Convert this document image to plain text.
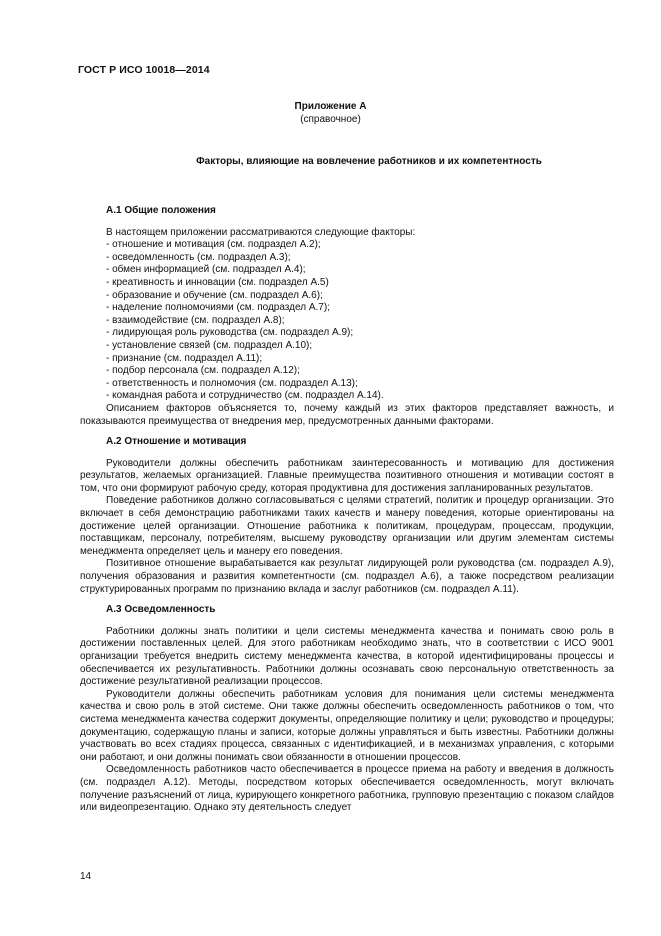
ГОСТ Р ИСО 10018—2014
Приложение А
(справочное)
Факторы, влияющие на вовлечение работников и их компетентность
А.1 Общие положения
В настоящем приложении рассматриваются следующие факторы:
- отношение и мотивация (см. подраздел А.2);
- осведомленность (см. подраздел А.3);
- обмен информацией (см. подраздел А.4);
- креативность и инновации (см. подраздел А.5)
- образование и обучение (см. подраздел А.6);
- наделение полномочиями (см. подраздел А.7);
- взаимодействие (см. подраздел А.8);
- лидирующая роль руководства (см. подраздел А.9);
- установление связей (см. подраздел А.10);
- признание (см. подраздел А.11);
- подбор персонала (см. подраздел А.12);
- ответственность и полномочия (см. подраздел А.13);
- командная работа и сотрудничество (см. подраздел А.14).

Описанием факторов объясняется то, почему каждый из этих факторов представляет важность, и показываются преимущества от внедрения мер, предусмотренных данными факторами.

А.2 Отношение и мотивация

Руководители должны обеспечить работникам заинтересованность и мотивацию для достижения результатов, желаемых организацией. Главные преимущества позитивного отношения и мотивации состоят в том, что они формируют рабочую среду, которая продуктивна для достижения запланированных результатов.

Поведение работников должно согласовываться с целями стратегий, политик и процедур организации. Это включает в себя демонстрацию работниками таких качеств и манеру поведения, которые ориентированы на достижение целей организации. Отношение работника к политикам, процедурам, процессам, продукции, поставщикам, персоналу, потребителям, высшему руководству организации или другим элементам системы менеджмента определяет цель и манеру его поведения.

Позитивное отношение вырабатывается как результат лидирующей роли руководства (см. подраздел А.9), получения образования и развития компетентности (см. подраздел А.6), а также посредством реализации структурированных программ по признанию вклада и заслуг работников (см. подраздел А.11).

А.3 Осведомленность

Работники должны знать политики и цели системы менеджмента качества и понимать свою роль в достижении поставленных целей. Для этого работникам необходимо знать, что в соответствии с ИСО 9001 организации требуется внедрить систему менеджмента качества, в которой идентифицированы процессы и обеспечивается их результативность. Работники должны осознавать свою персональную ответственность за достижение результативной реализации процессов.

Руководители должны обеспечить работникам условия для понимания цели системы менеджмента качества и свою роль в этой системе. Они также должны обеспечить осведомленность работников о том, что система менеджмента качества содержит документы, определяющие политику и цели; руководство и процедуры; документацию, содержащую планы и записи, которые должны управляться и быть известны. Работники должны участвовать во всех стадиях процесса, связанных с идентификацией, и в механизмах управления, с которыми они работают, и они должны понимать свои обязанности в отношении процессов.

Осведомленность работников часто обеспечивается в процессе приема на работу и введения в должность (см. подраздел А.12). Методы, посредством которых обеспечивается осведомленность, могут включать получение разъяснений от лица, курирующего конкретного работника, групповую презентацию с показом слайдов или видеопрезентацию. Однако эту деятельность следует

14
